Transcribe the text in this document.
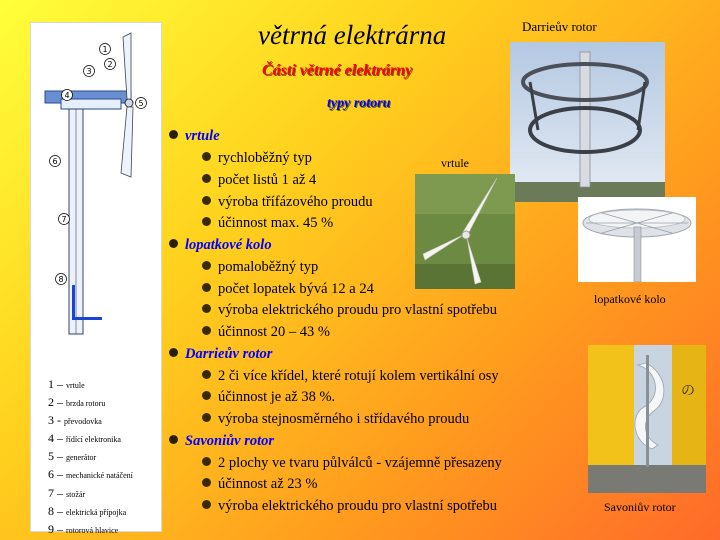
1
2
3
4
5
6
7
8
1 – vrtule
2 – brzda rotoru
3 - převodovka
4 – řídící elektronika
5 – generátor
6 – mechanické natáčení
7 – stožár
8 – elektrická přípojka
9 – rotorová hlavice
větrná elektrárna
Části větrné elektrárny
typy rotoru
の
Darrieův rotor
vrtule
lopatkové kolo
Savoniův rotor
vrtule
rychloběžný typ
počet listů 1 až 4
výroba třífázového proudu
účinnost max. 45 %
lopatkové kolo
pomaloběžný typ
počet lopatek bývá 12 a 24
výroba elektrického proudu pro vlastní spotřebu
účinnost 20 – 43 %
Darrieův rotor
2 či více křídel, které rotují kolem vertikální osy
účinnost je až 38 %.
výroba stejnosměrného i střídavého proudu
Savoniův rotor
2 plochy ve tvaru půlválců - vzájemně přesazeny
účinnost až 23 %
výroba elektrického proudu pro vlastní spotřebu
